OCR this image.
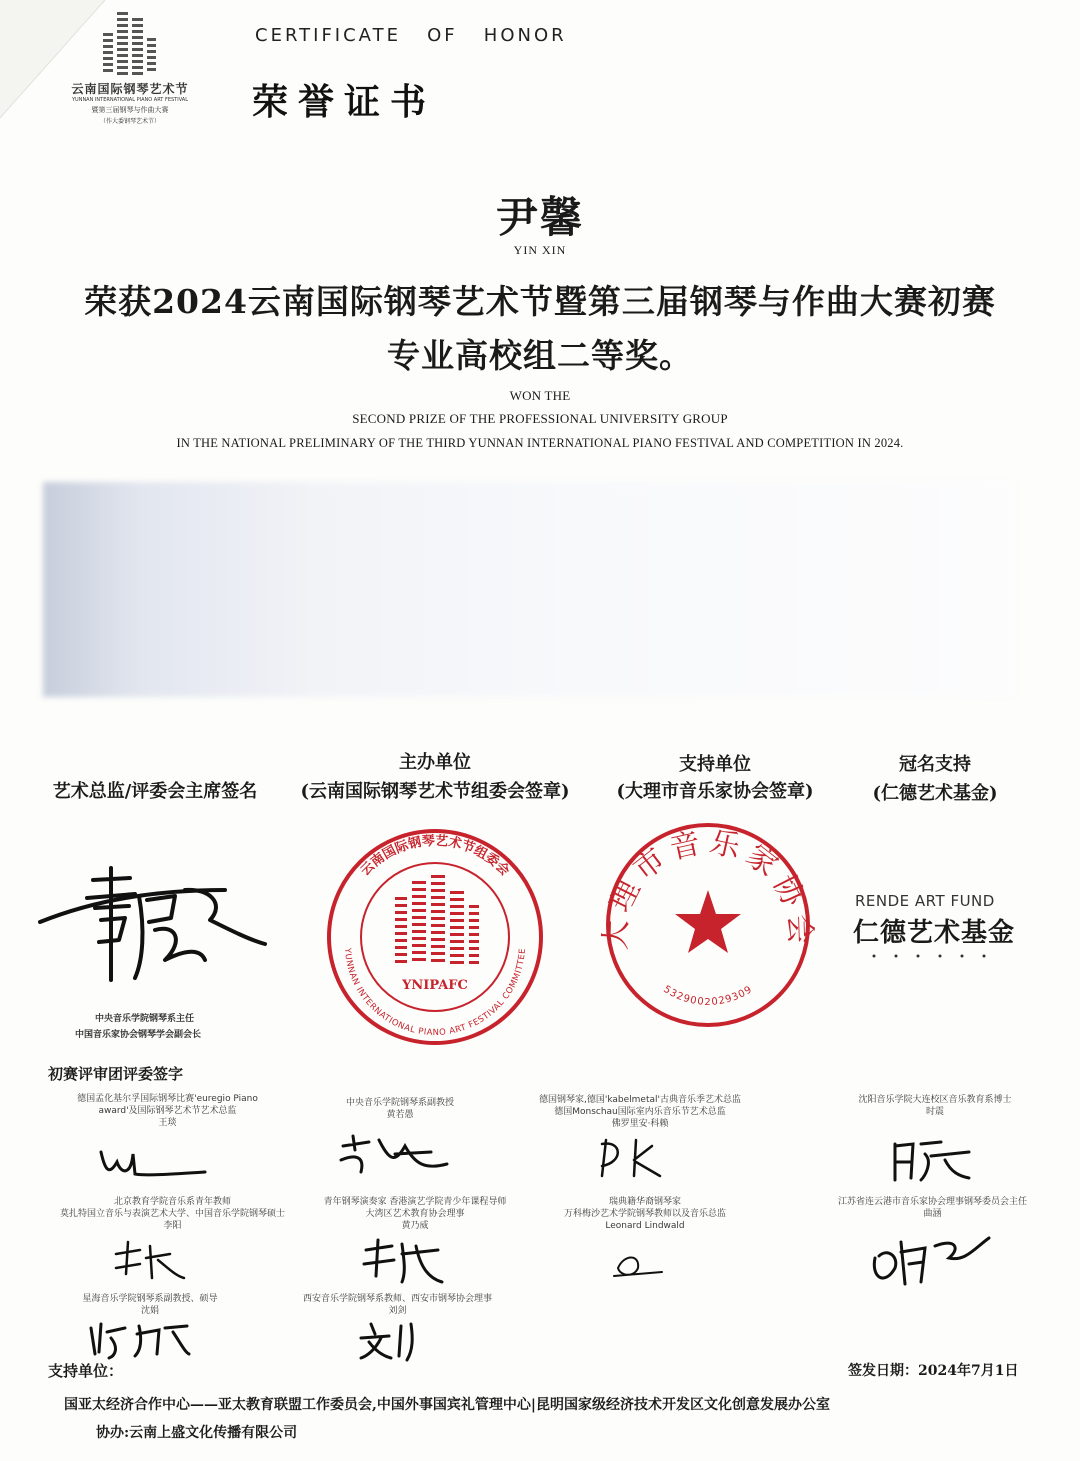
云南国际钢琴艺术节
YUNNAN INTERNATIONAL PIANO ART FESTIVAL
暨第三届钢琴与作曲大赛
（作大委钢琴艺术节）
CERTIFICATE   OF   HONOR
荣誉证书
尹馨
YIN XIN
荣获2024云南国际钢琴艺术节暨第三届钢琴与作曲大赛初赛
专业高校组二等奖。
WON THE
SECOND PRIZE OF THE PROFESSIONAL UNIVERSITY GROUP
IN THE NATIONAL PRELIMINARY OF THE THIRD YUNNAN INTERNATIONAL PIANO FESTIVAL AND COMPETITION IN 2024.
艺术总监/评委会主席签名
主办单位
(云南国际钢琴艺术节组委会签章)
支持单位
(大理市音乐家协会签章)
冠名支持
(仁德艺术基金)
中央音乐学院钢琴系主任
中国音乐家协会钢琴学会副会长
云南国际钢琴艺术节组委会
YUNNAN INTERNATIONAL PIANO ART FESTIVAL COMMITTEE
YNIPAFC
大理市音乐家协会
5329002029309
RENDE ART FUND
仁德艺术基金
初赛评审团评委签字
德国孟化基尔孚国际钢琴比赛'euregio Piano
award'及国际钢琴艺术节艺术总监
王琰
中央音乐学院钢琴系副教授
黄若愚
德国钢琴家,德国'kabelmetal'古典音乐季艺术总监
德国Monschau国际室内乐音乐节艺术总监
佛罗里安·科赖
沈阳音乐学院大连校区音乐教育系博士
时震
北京教育学院音乐系青年教师
莫扎特国立音乐与表演艺术大学、中国音乐学院钢琴硕士
李阳
青年钢琴演奏家 香港演艺学院青少年课程导师
大湾区艺术教育协会理事
黄乃威
瑞典籍华裔钢琴家
万科梅沙艺术学院钢琴教师以及音乐总监
Leonard Lindwald
江苏省连云港市音乐家协会理事钢琴委员会主任
曲涵
星海音乐学院钢琴系副教授、硕导
沈娟
西安音乐学院钢琴系教师、西安市钢琴协会理事
刘剑
支持单位：	签发日期：2024年7月1日
国亚太经济合作中心——亚太教育联盟工作委员会,中国外事国宾礼管理中心|昆明国家级经济技术开发区文化创意发展办公室
协办:云南上盛文化传播有限公司
